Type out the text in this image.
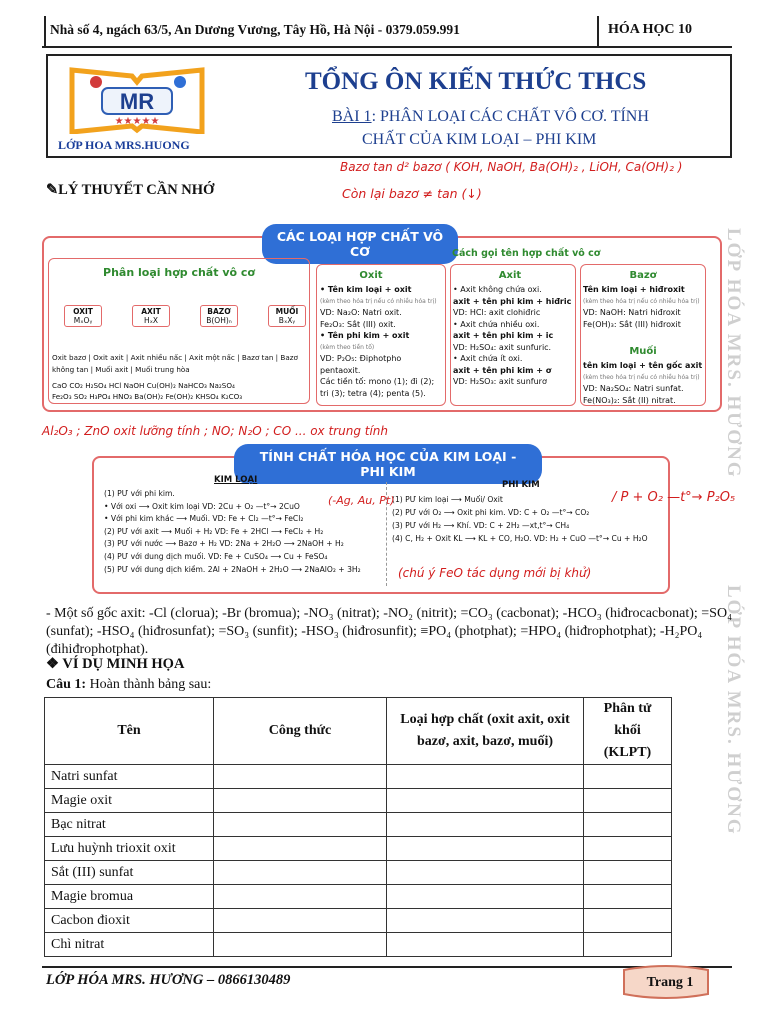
Nhà số 4, ngách 63/5, An Dương Vương, Tây Hồ, Hà Nội - 0379.059.991	HÓA HỌC 10
MR
★★★★★
LỚP HOA MRS.HUONG
TỔNG ÔN KIẾN THỨC THCS
BÀI 1: PHÂN LOẠI CÁC CHẤT VÔ CƠ. TÍNH
CHẤT CỦA KIM LOẠI – PHI KIM
✎LÝ THUYẾT CẦN NHỚ
Bazơ tan d² bazơ ( KOH, NaOH, Ba(OH)₂ , LiOH, Ca(OH)₂ )
Còn lại bazơ ≠ tan (↓)
LỚP HÓA MRS. HƯƠNG
LỚP HÓA MRS. HƯƠNG
CÁC LOẠI HỢP CHẤT VÔ CƠ	Cách gọi tên hợp chất vô cơ
Phân loại hợp chất vô cơ
OXIT
MₓOᵧ
AXIT
HₓX
BAZƠ
B(OH)ₙ
MUỐI
BₓXᵧ
Oxit bazơ | Oxit axit | Axit nhiều nấc | Axit một nấc | Bazơ tan | Bazơ không tan | Muối axit | Muối trung hòa
CaO CO₂ H₂SO₄ HCl NaOH Cu(OH)₂ NaHCO₃ Na₂SO₄
Fe₂O₃ SO₂ H₃PO₄ HNO₃ Ba(OH)₂ Fe(OH)₂ KHSO₄ K₂CO₃
Oxit
• Tên kim loại + oxit
(kèm theo hóa trị nếu có nhiều hóa trị)
VD: Na₂O: Natri oxit.
Fe₂O₃: Sắt (III) oxit.
• Tên phi kim + oxit
(kèm theo tiền tố)
VD: P₂O₅: Điphotpho pentaoxit.
Các tiền tố: mono (1); đi (2);
tri (3); tetra (4); penta (5).
Axit
• Axit không chứa oxi.
axit + tên phi kim + hiđric
VD: HCl: axit clohiđric
• Axit chứa nhiều oxi.
axit + tên phi kim + ic
VD: H₂SO₄: axit sunfuric.
• Axit chứa ít oxi.
axit + tên phi kim + ơ
VD: H₂SO₃: axit sunfurơ
Bazơ
Tên kim loại + hiđroxit
(kèm theo hóa trị nếu có nhiều hóa trị)
VD: NaOH: Natri hiđroxit
Fe(OH)₃: Sắt (III) hiđroxit
Muối
tên kim loại + tên gốc axit
(kèm theo hóa trị nếu có nhiều hóa trị)
VD: Na₂SO₄: Natri sunfat.
Fe(NO₃)₂: Sắt (II) nitrat.
Al₂O₃ ; ZnO oxit lưỡng tính ; NO; N₂O ; CO ... ox trung tính
TÍNH CHẤT HÓA HỌC CỦA KIM LOẠI - PHI KIM
KIM LOẠI
(1) PƯ với phi kim.
• Với oxi ⟶ Oxit kim loại VD: 2Cu + O₂ —t°→ 2CuO
• Với phi kim khác ⟶ Muối. VD: Fe + Cl₂ —t°→ FeCl₂
(2) PƯ với axit ⟶ Muối + H₂ VD: Fe + 2HCl ⟶ FeCl₂ + H₂
(3) PƯ với nước ⟶ Bazơ + H₂ VD: 2Na + 2H₂O ⟶ 2NaOH + H₂
(4) PƯ với dung dịch muối. VD: Fe + CuSO₄ ⟶ Cu + FeSO₄
(5) PƯ với dung dịch kiềm. 2Al + 2NaOH + 2H₂O ⟶ 2NaAlO₂ + 3H₂
PHI KIM
(1) PƯ kim loại ⟶ Muối/ Oxit
(2) PƯ với O₂ ⟶ Oxit phi kim. VD: C + O₂ —t°→ CO₂
(3) PƯ với H₂ ⟶ Khí. VD: C + 2H₂ —xt,t°→ CH₄
(4) C, H₂ + Oxit KL ⟶ KL + CO, H₂O. VD: H₂ + CuO —t°→ Cu + H₂O
(-Ag, Au, Pt)	/ P + O₂ —t°→ P₂O₅
(chú ý FeO tác dụng mới bị khử)
- Một số gốc axit: -Cl (clorua); -Br (bromua); -NO₃ (nitrat); -NO₂ (nitrit); =CO₃ (cacbonat); -HCO₃ (hiđrocacbonat); =SO₄ (sunfat); -HSO₄ (hiđrosunfat); =SO₃ (sunfit); -HSO₃ (hiđrosunfit); ≡PO₄ (photphat); =HPO₄ (hiđrophotphat); -H₂PO₄ (đihiđrophotphat).
❖ VÍ DỤ MINH HỌA
Câu 1: Hoàn thành bảng sau:
Tên	Công thức	Loại hợp chất (oxit axit, oxit bazơ, axit, bazơ, muối)	Phân tử khối (KLPT)
Natri sunfat			
Magie oxit			
Bạc nitrat			
Lưu huỳnh trioxit oxit			
Sắt (III) sunfat			
Magie bromua			
Cacbon đioxit			
Chì nitrat			
LỚP HÓA MRS. HƯƠNG – 0866130489	Trang 1
